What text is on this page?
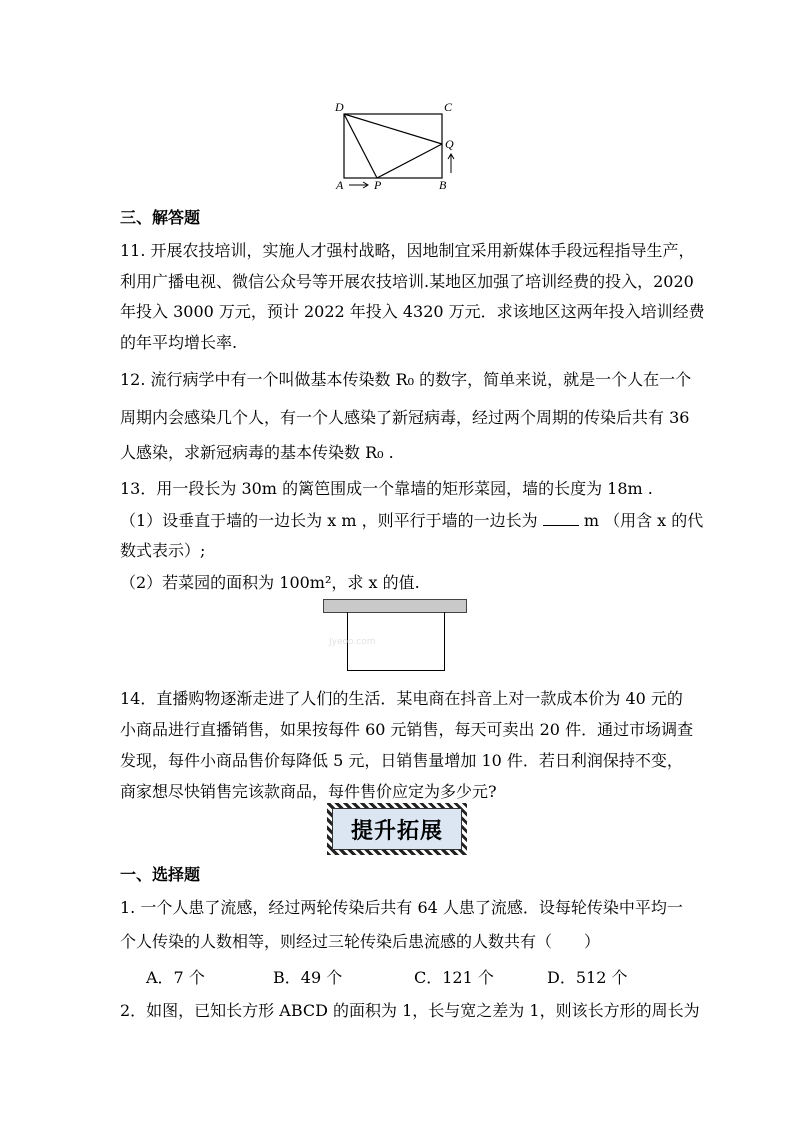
D	C
Q
A	P	B
三、解答题
11. 开展农技培训，实施人才强村战略，因地制宜采用新媒体手段远程指导生产，
利用广播电视、微信公众号等开展农技培训.某地区加强了培训经费的投入，2020
年投入 3000 万元，预计 2022 年投入 4320 万元．求该地区这两年投入培训经费
的年平均增长率.
12. 流行病学中有一个叫做基本传染数 R₀ 的数字，简单来说，就是一个人在一个
周期内会感染几个人，有一个人感染了新冠病毒，经过两个周期的传染后共有 36
人感染，求新冠病毒的基本传染数 R₀ .
13．用一段长为 30m 的篱笆围成一个靠墙的矩形菜园，墙的长度为 18m .
（1）设垂直于墙的一边长为 x m ，则平行于墙的一边长为	m （用含 x 的代
数式表示）;
（2）若菜园的面积为 100m²，求 x 的值.
Jyeoo.com
14．直播购物逐渐走进了人们的生活．某电商在抖音上对一款成本价为 40 元的
小商品进行直播销售，如果按每件 60 元销售，每天可卖出 20 件．通过市场调查
发现，每件小商品售价每降低 5 元，日销售量增加 10 件．若日利润保持不变，
商家想尽快销售完该款商品，每件售价应定为多少元?
提升拓展
一、选择题
1. 一个人患了流感，经过两轮传染后共有 64 人患了流感．设每轮传染中平均一
个人传染的人数相等，则经过三轮传染后患流感的人数共有（　　）
A．7 个	B．49 个	C．121 个	D．512 个
2．如图，已知长方形 ABCD 的面积为 1，长与宽之差为 1，则该长方形的周长为
